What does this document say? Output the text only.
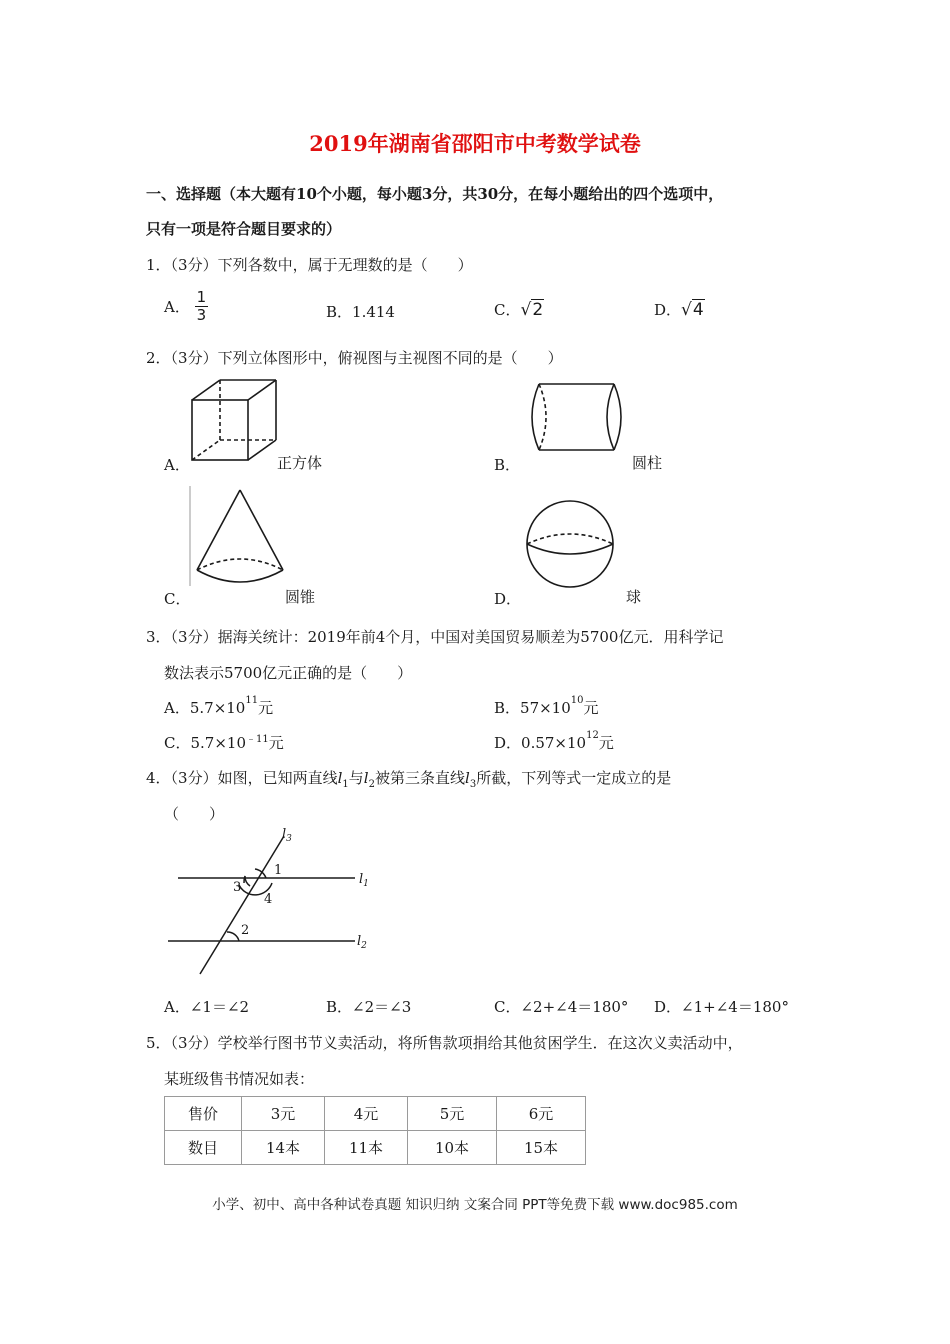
2019年湖南省邵阳市中考数学试卷
一、选择题（本大题有10个小题，每小题3分，共30分，在每小题给出的四个选项中，
只有一项是符合题目要求的）
1．（3分）下列各数中，属于无理数的是（　　）
A． $\frac{1}{3}$	B．1.414	C．√2	D．√4
2．（3分）下列立体图形中，俯视图与主视图不同的是（　　）
A．	正方体	B．	圆柱
C．	圆锥	D．	球
3．（3分）据海关统计：2019年前4个月，中国对美国贸易顺差为5700亿元．用科学记
数法表示5700亿元正确的是（　　）
A．$5.7\times 10^{11}$元	B．$57\times 10^{10}$元
C．$5.7\times 10^{﹣11}$元	D．$0.57\times 10^{12}$元
4．（3分）如图，已知两直线$l_1$与$l_2$被第三条直线$l_3$所截，下列等式一定成立的是
（　　）
$l_3$
1
3
4
2
$l_1$
$l_2$
A．∠1＝∠2	B．∠2＝∠3	C．∠2+∠4＝180° D．∠1+∠4＝180°
5．（3分）学校举行图书节义卖活动，将所售款项捐给其他贫困学生．在这次义卖活动中，
某班级售书情况如表：
售价	3元	4元	5元	6元
数目	14本	11本	10本	15本
小学、初中、高中各种试卷真题 知识归纳 文案合同 PPT等免费下载 www.doc985.com
